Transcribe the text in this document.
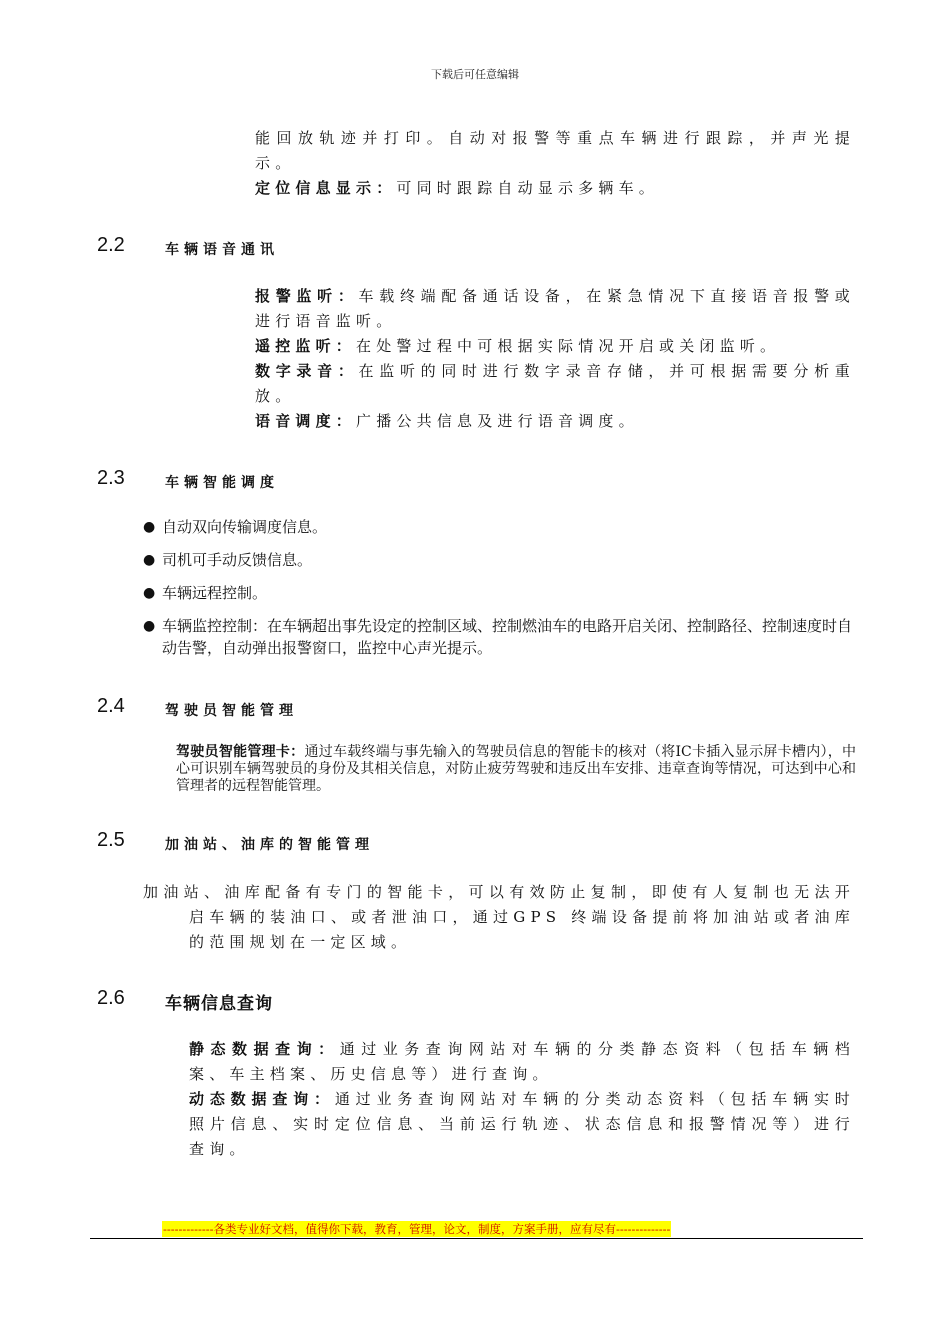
下载后可任意编辑
能回放轨迹并打印。自动对报警等重点车辆进行跟踪，并声光提示。
定位信息显示：可同时跟踪自动显示多辆车。
2.2	车辆语音通讯
报警监听：车载终端配备通话设备，在紧急情况下直接语音报警或进行语音监听。
遥控监听：在处警过程中可根据实际情况开启或关闭监听。
数字录音：在监听的同时进行数字录音存储，并可根据需要分析重放。
语音调度：广播公共信息及进行语音调度。
2.3	车辆智能调度
● 自动双向传输调度信息。
● 司机可手动反馈信息。
● 车辆远程控制。
● 车辆监控控制：在车辆超出事先设定的控制区域、控制燃油车的电路开启关闭、控制路径、控制速度时自动告警，自动弹出报警窗口，监控中心声光提示。
2.4	驾驶员智能管理
驾驶员智能管理卡：通过车载终端与事先输入的驾驶员信息的智能卡的核对（将IC卡插入显示屏卡槽内），中心可识别车辆驾驶员的身份及其相关信息，对防止疲劳驾驶和违反出车安排、违章查询等情况，可达到中心和管理者的远程智能管理。
2.5	加油站、油库的智能管理
加油站、油库配备有专门的智能卡，可以有效防止复制，即使有人复制也无法开启车辆的装油口、或者泄油口，通过GPS 终端设备提前将加油站或者油库的范围规划在一定区域。
2.6 车辆信息查询
静态数据查询：通过业务查询网站对车辆的分类静态资料（包括车辆档案、车主档案、历史信息等）进行查询。
动态数据查询：通过业务查询网站对车辆的分类动态资料（包括车辆实时照片信息、实时定位信息、当前运行轨迹、状态信息和报警情况等）进行查询。
-------------各类专业好文档，值得你下载，教育，管理，论文，制度，方案手册，应有尽有--------------
